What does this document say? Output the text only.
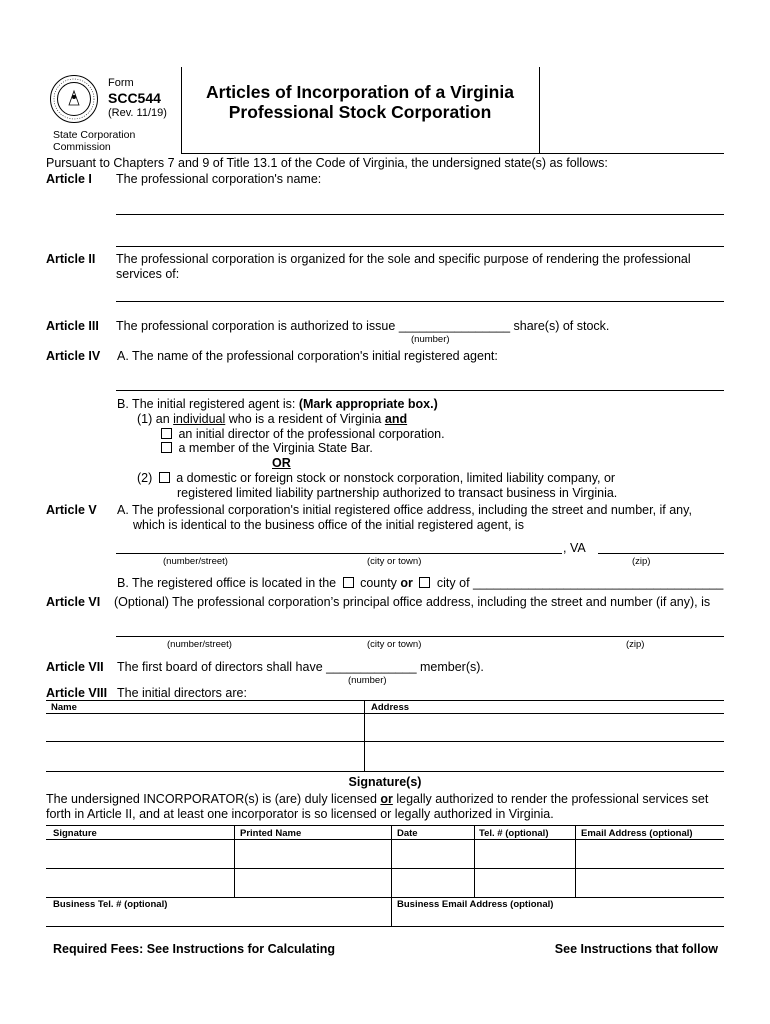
Form
SCC544
(Rev. 11/19)
State Corporation
Commission
Articles of Incorporation of a Virginia
Professional Stock Corporation
Pursuant to Chapters 7 and 9 of Title 13.1 of the Code of Virginia, the undersigned state(s) as follows:
Article I The professional corporation's name:
Article II The professional corporation is organized for the sole and specific purpose of rendering the professional
services of:
Article III The professional corporation is authorized to issue ________________ share(s) of stock.
(number)
Article IV A. The name of the professional corporation's initial registered agent:
B. The initial registered agent is: (Mark appropriate box.)
(1) an individual who is a resident of Virginia and
an initial director of the professional corporation.
a member of the Virginia State Bar.
OR
(2) a domestic or foreign stock or nonstock corporation, limited liability company, or
registered limited liability partnership authorized to transact business in Virginia.
Article V A. The professional corporation's initial registered office address, including the street and number, if any,
which is identical to the business office of the initial registered agent, is
, VA
(number/street)	(city or town)	(zip)
B. The registered office is located in the county or city of ____________________________________
Article VI (Optional) The professional corporation’s principal office address, including the street and number (if any), is
(number/street)	(city or town)	(zip)
Article VII The first board of directors shall have _____________ member(s).
(number)
Article VIII The initial directors are:
Name	Address
Signature(s)
The undersigned INCORPORATOR(s) is (are) duly licensed or legally authorized to render the professional services set
forth in Article II, and at least one incorporator is so licensed or legally authorized in Virginia.
Signature	Printed Name	Date	Tel. # (optional)	Email Address (optional)
Business Tel. # (optional)	Business Email Address (optional)
Required Fees: See Instructions for Calculating	See Instructions that follow
